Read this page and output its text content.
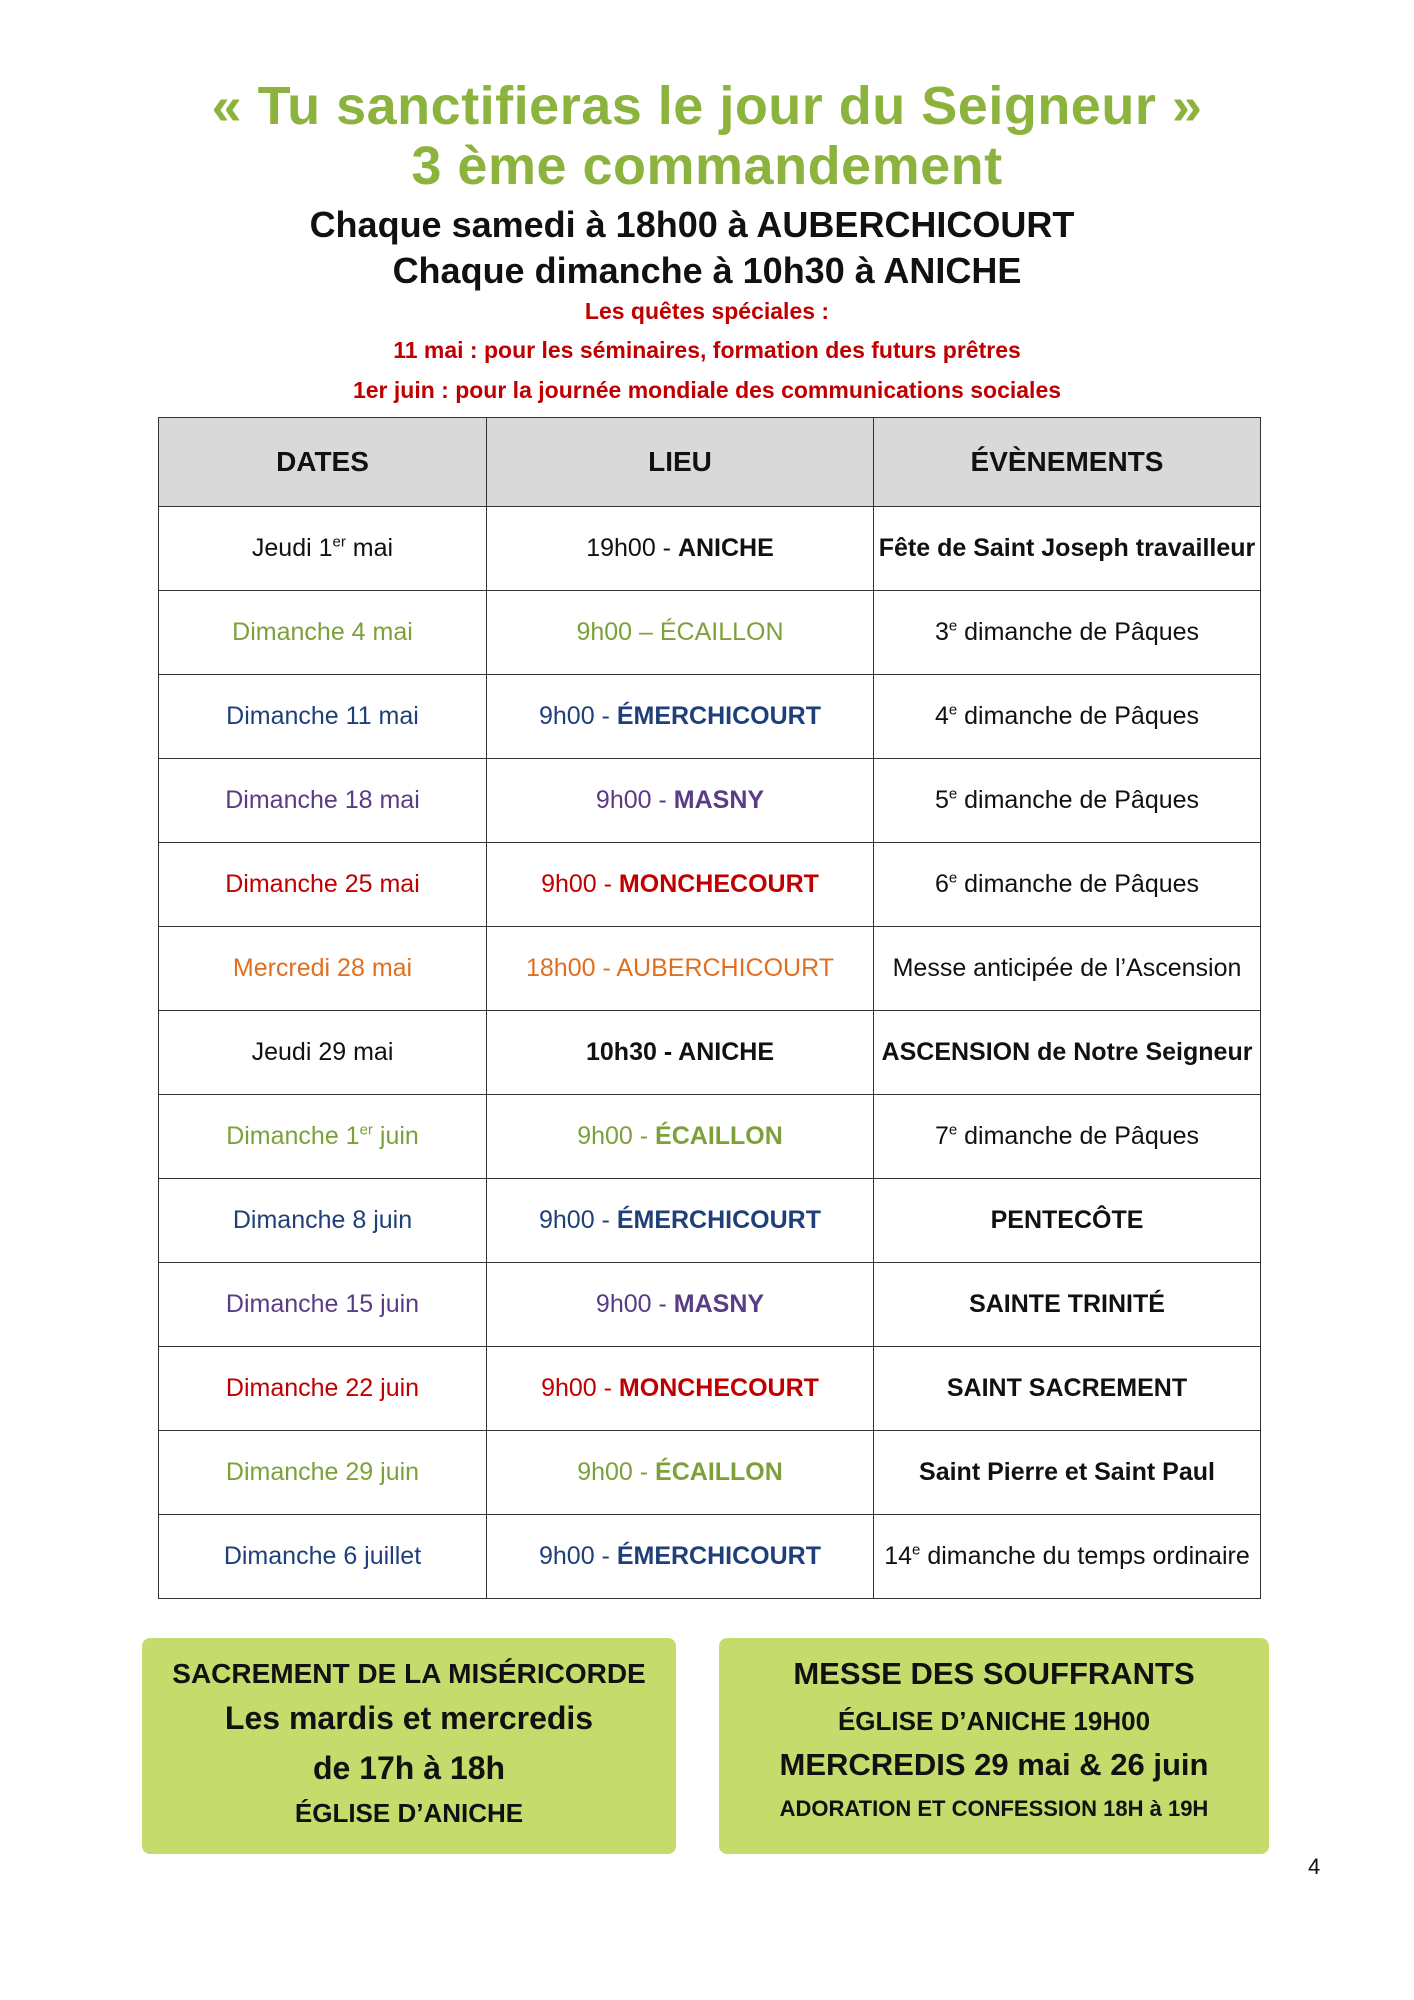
« Tu sanctifieras le jour du Seigneur »
3 ème commandement
Chaque samedi à 18h00 à AUBERCHICOURT
Chaque dimanche à 10h30 à ANICHE
Les quêtes spéciales :
11 mai : pour les séminaires, formation des futurs prêtres
1er juin : pour la journée mondiale des communications sociales
DATES	LIEU	ÉVÈNEMENTS
Jeudi 1er mai	19h00 - ANICHE	Fête de Saint Joseph travailleur
Dimanche 4 mai	9h00 – ÉCAILLON	3e dimanche de Pâques
Dimanche 11 mai	9h00 - ÉMERCHICOURT	4e dimanche de Pâques
Dimanche 18 mai	9h00 - MASNY	5e dimanche de Pâques
Dimanche 25 mai	9h00 - MONCHECOURT	6e dimanche de Pâques
Mercredi 28 mai	18h00 - AUBERCHICOURT	Messe anticipée de l’Ascension
Jeudi 29 mai	10h30 - ANICHE	ASCENSION de Notre Seigneur
Dimanche 1er juin	9h00 - ÉCAILLON	7e dimanche de Pâques
Dimanche 8 juin	9h00 - ÉMERCHICOURT	PENTECÔTE
Dimanche 15 juin	9h00 - MASNY	SAINTE TRINITÉ
Dimanche 22 juin	9h00 - MONCHECOURT	SAINT SACREMENT
Dimanche 29 juin	9h00 - ÉCAILLON	Saint Pierre et Saint Paul
Dimanche 6 juillet	9h00 - ÉMERCHICOURT	14e dimanche du temps ordinaire
SACREMENT DE LA MISÉRICORDE
Les mardis et mercredis
de 17h à 18h
ÉGLISE D’ANICHE
MESSE DES SOUFFRANTS
ÉGLISE D’ANICHE 19H00
MERCREDIS 29 mai & 26 juin
ADORATION ET CONFESSION 18H à 19H
4
